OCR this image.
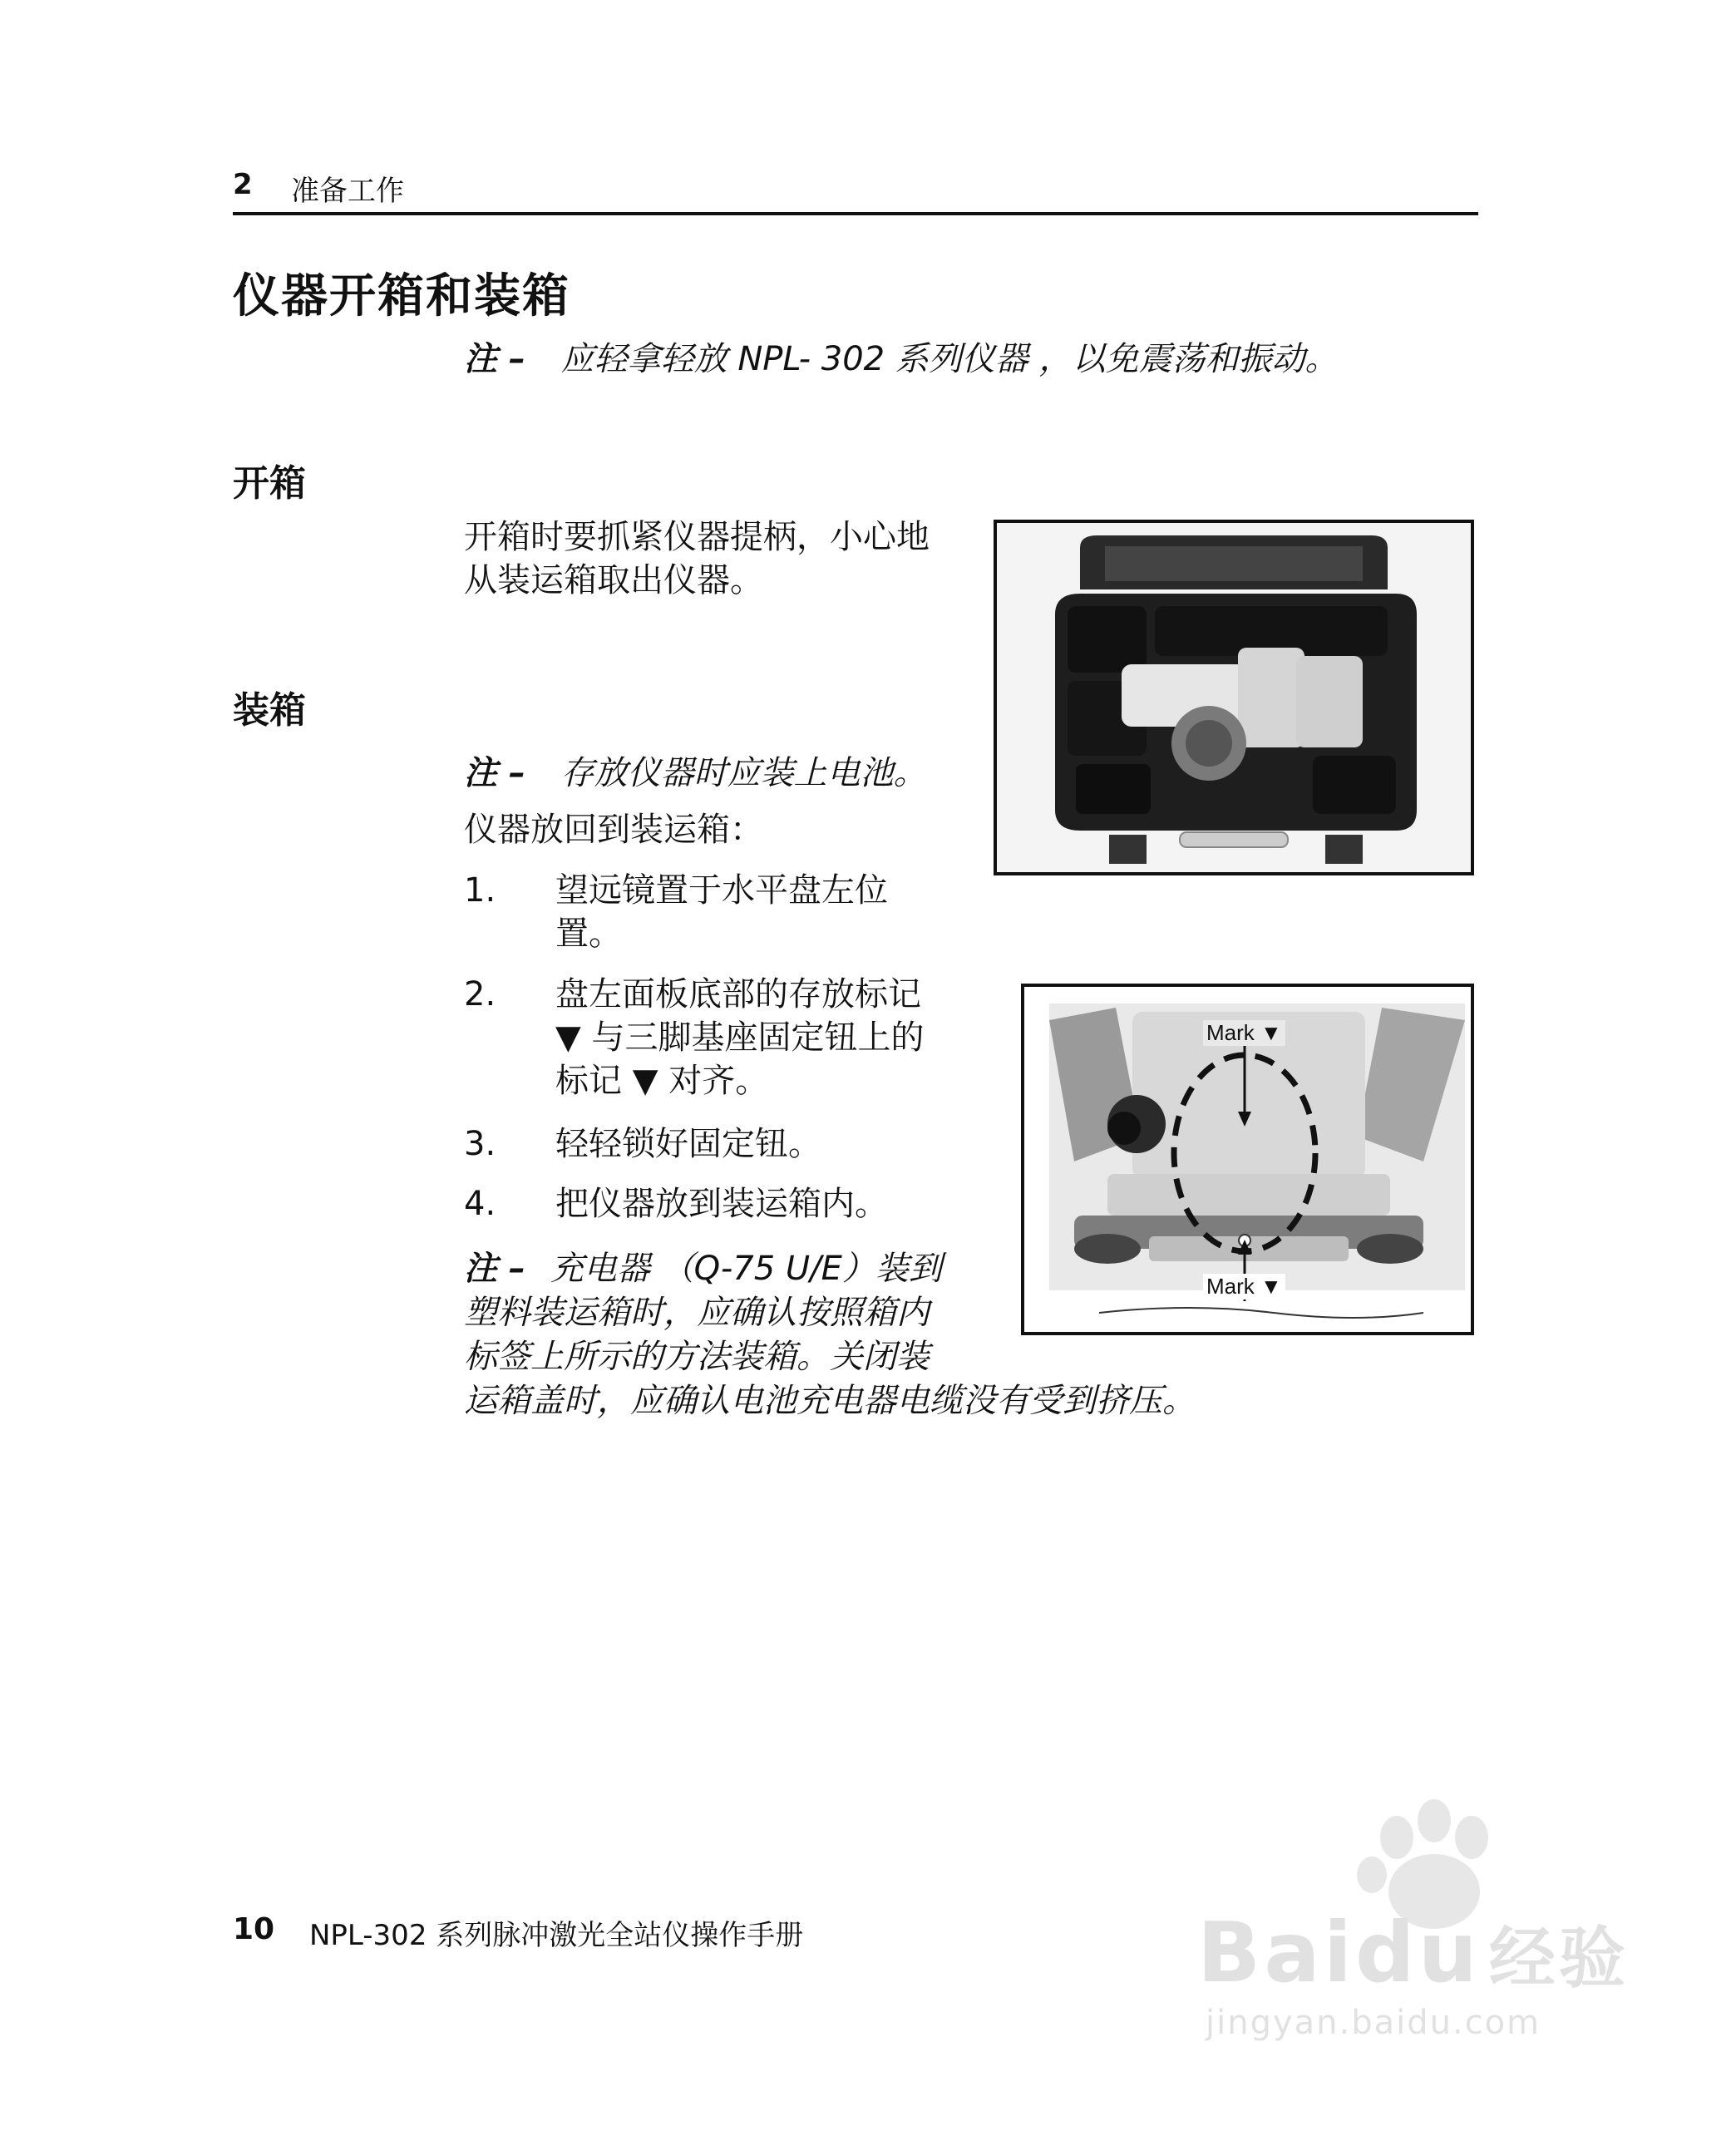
2 准备工作
仪器开箱和装箱
注 – 应轻拿轻放 NPL- 302 系列仪器 ，以免震荡和振动。
开箱
开箱时要抓紧仪器提柄，小心地
从装运箱取出仪器。
装箱
注 – 存放仪器时应装上电池。
仪器放回到装运箱：
1.	望远镜置于水平盘左位
置。
2.	盘左面板底部的存放标记
▼ 与三脚基座固定钮上的
标记 ▼ 对齐。
3.	轻轻锁好固定钮。
4.	把仪器放到装运箱内。
注 – 充电器 （Q-75 U/E）装到
塑料装运箱时，应确认按照箱内
标签上所示的方法装箱。关闭装
运箱盖时，应确认电池充电器电缆没有受到挤压。
Mark ▼
Mark ▼
10 NPL-302 系列脉冲激光全站仪操作手册	Baidu 经验
jingyan.baidu.com
